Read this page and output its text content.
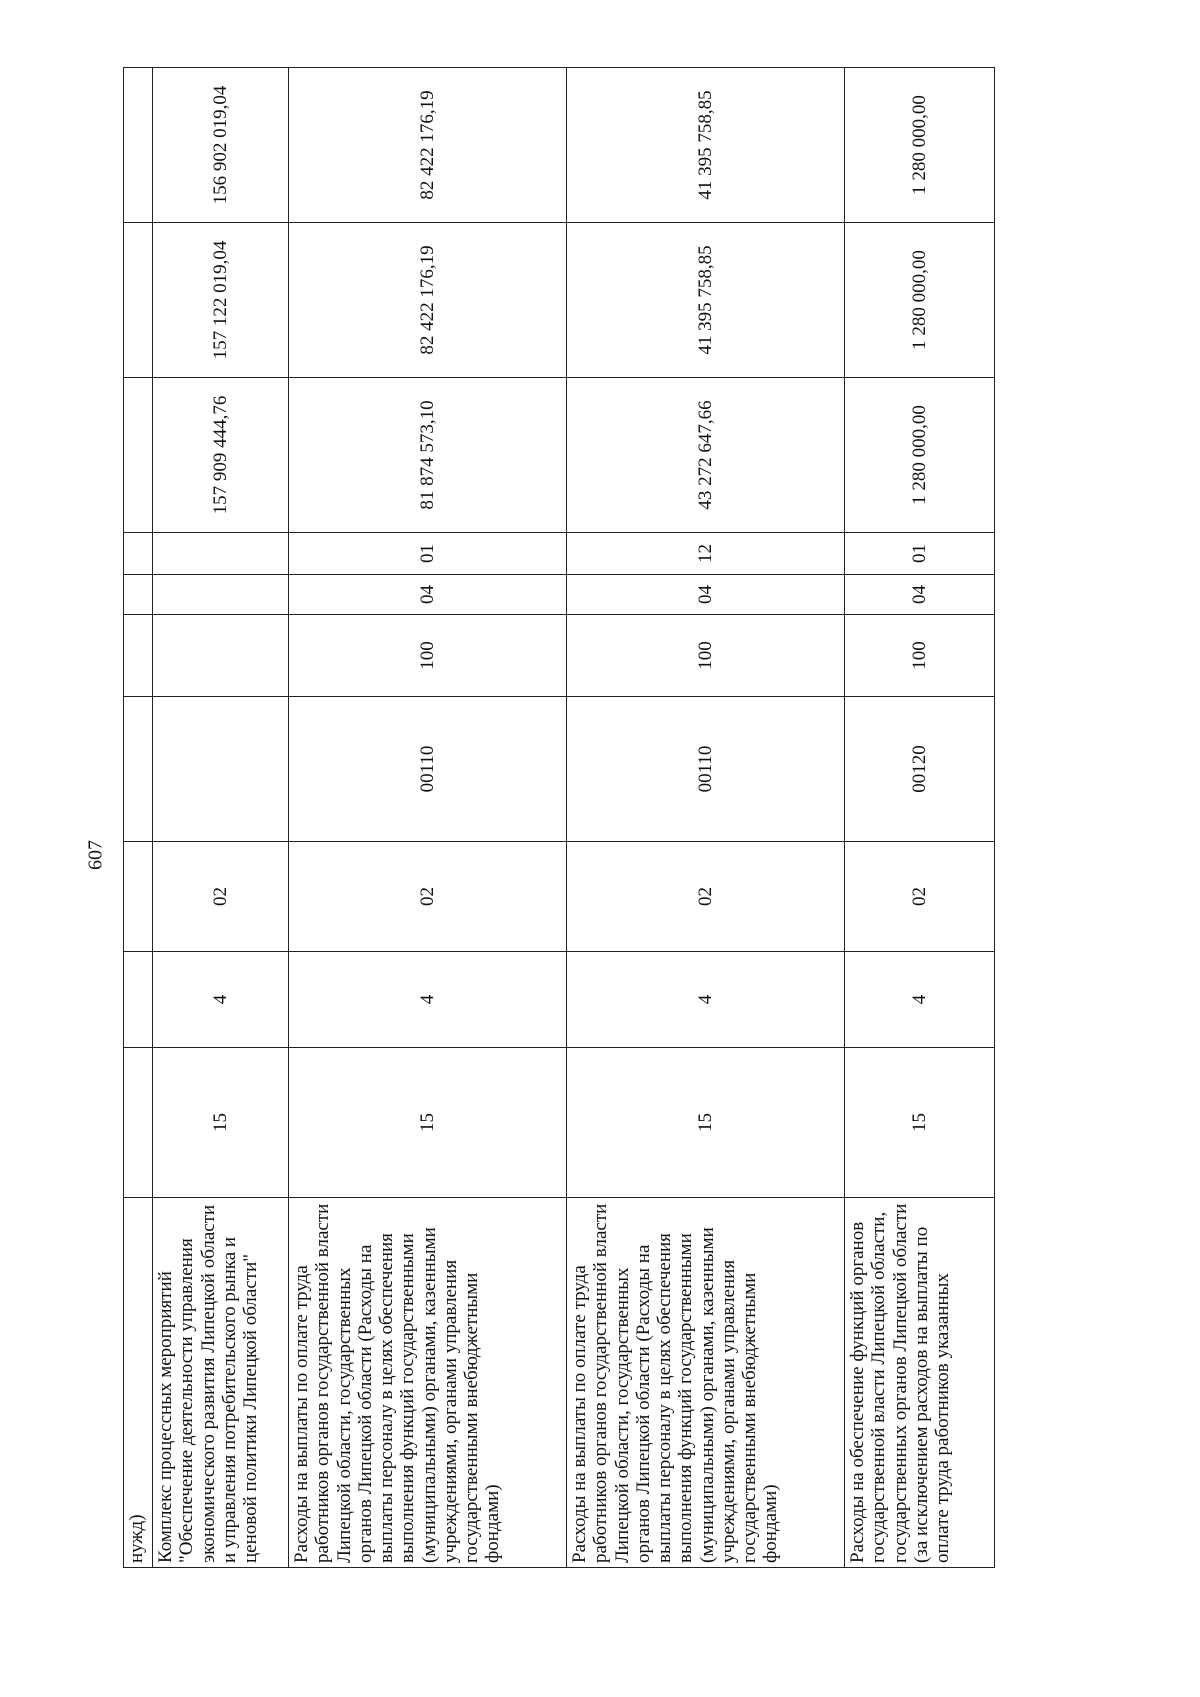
607
нужд)										
Комплекс процессных мероприятий "Обеспечение деятельности управления экономического развития Липецкой области и управления потребительского рынка и ценовой политики Липецкой области"	15	4	02					157 909 444,76	157 122 019,04	156 902 019,04
Расходы на выплаты по оплате труда работников органов государственной власти Липецкой области, государственных органов Липецкой области (Расходы на выплаты персоналу в целях обеспечения выполнения функций государственными (муниципальными) органами, казенными учреждениями, органами управления государственными внебюджетными фондами)	15	4	02	00110	100	04	01	81 874 573,10	82 422 176,19	82 422 176,19
Расходы на выплаты по оплате труда работников органов государственной власти Липецкой области, государственных органов Липецкой области (Расходы на выплаты персоналу в целях обеспечения выполнения функций государственными (муниципальными) органами, казенными учреждениями, органами управления государственными внебюджетными фондами)	15	4	02	00110	100	04	12	43 272 647,66	41 395 758,85	41 395 758,85
Расходы на обеспечение функций органов государственной власти Липецкой области, государственных органов Липецкой области (за исключением расходов на выплаты по оплате труда работников указанных	15	4	02	00120	100	04	01	1 280 000,00	1 280 000,00	1 280 000,00
